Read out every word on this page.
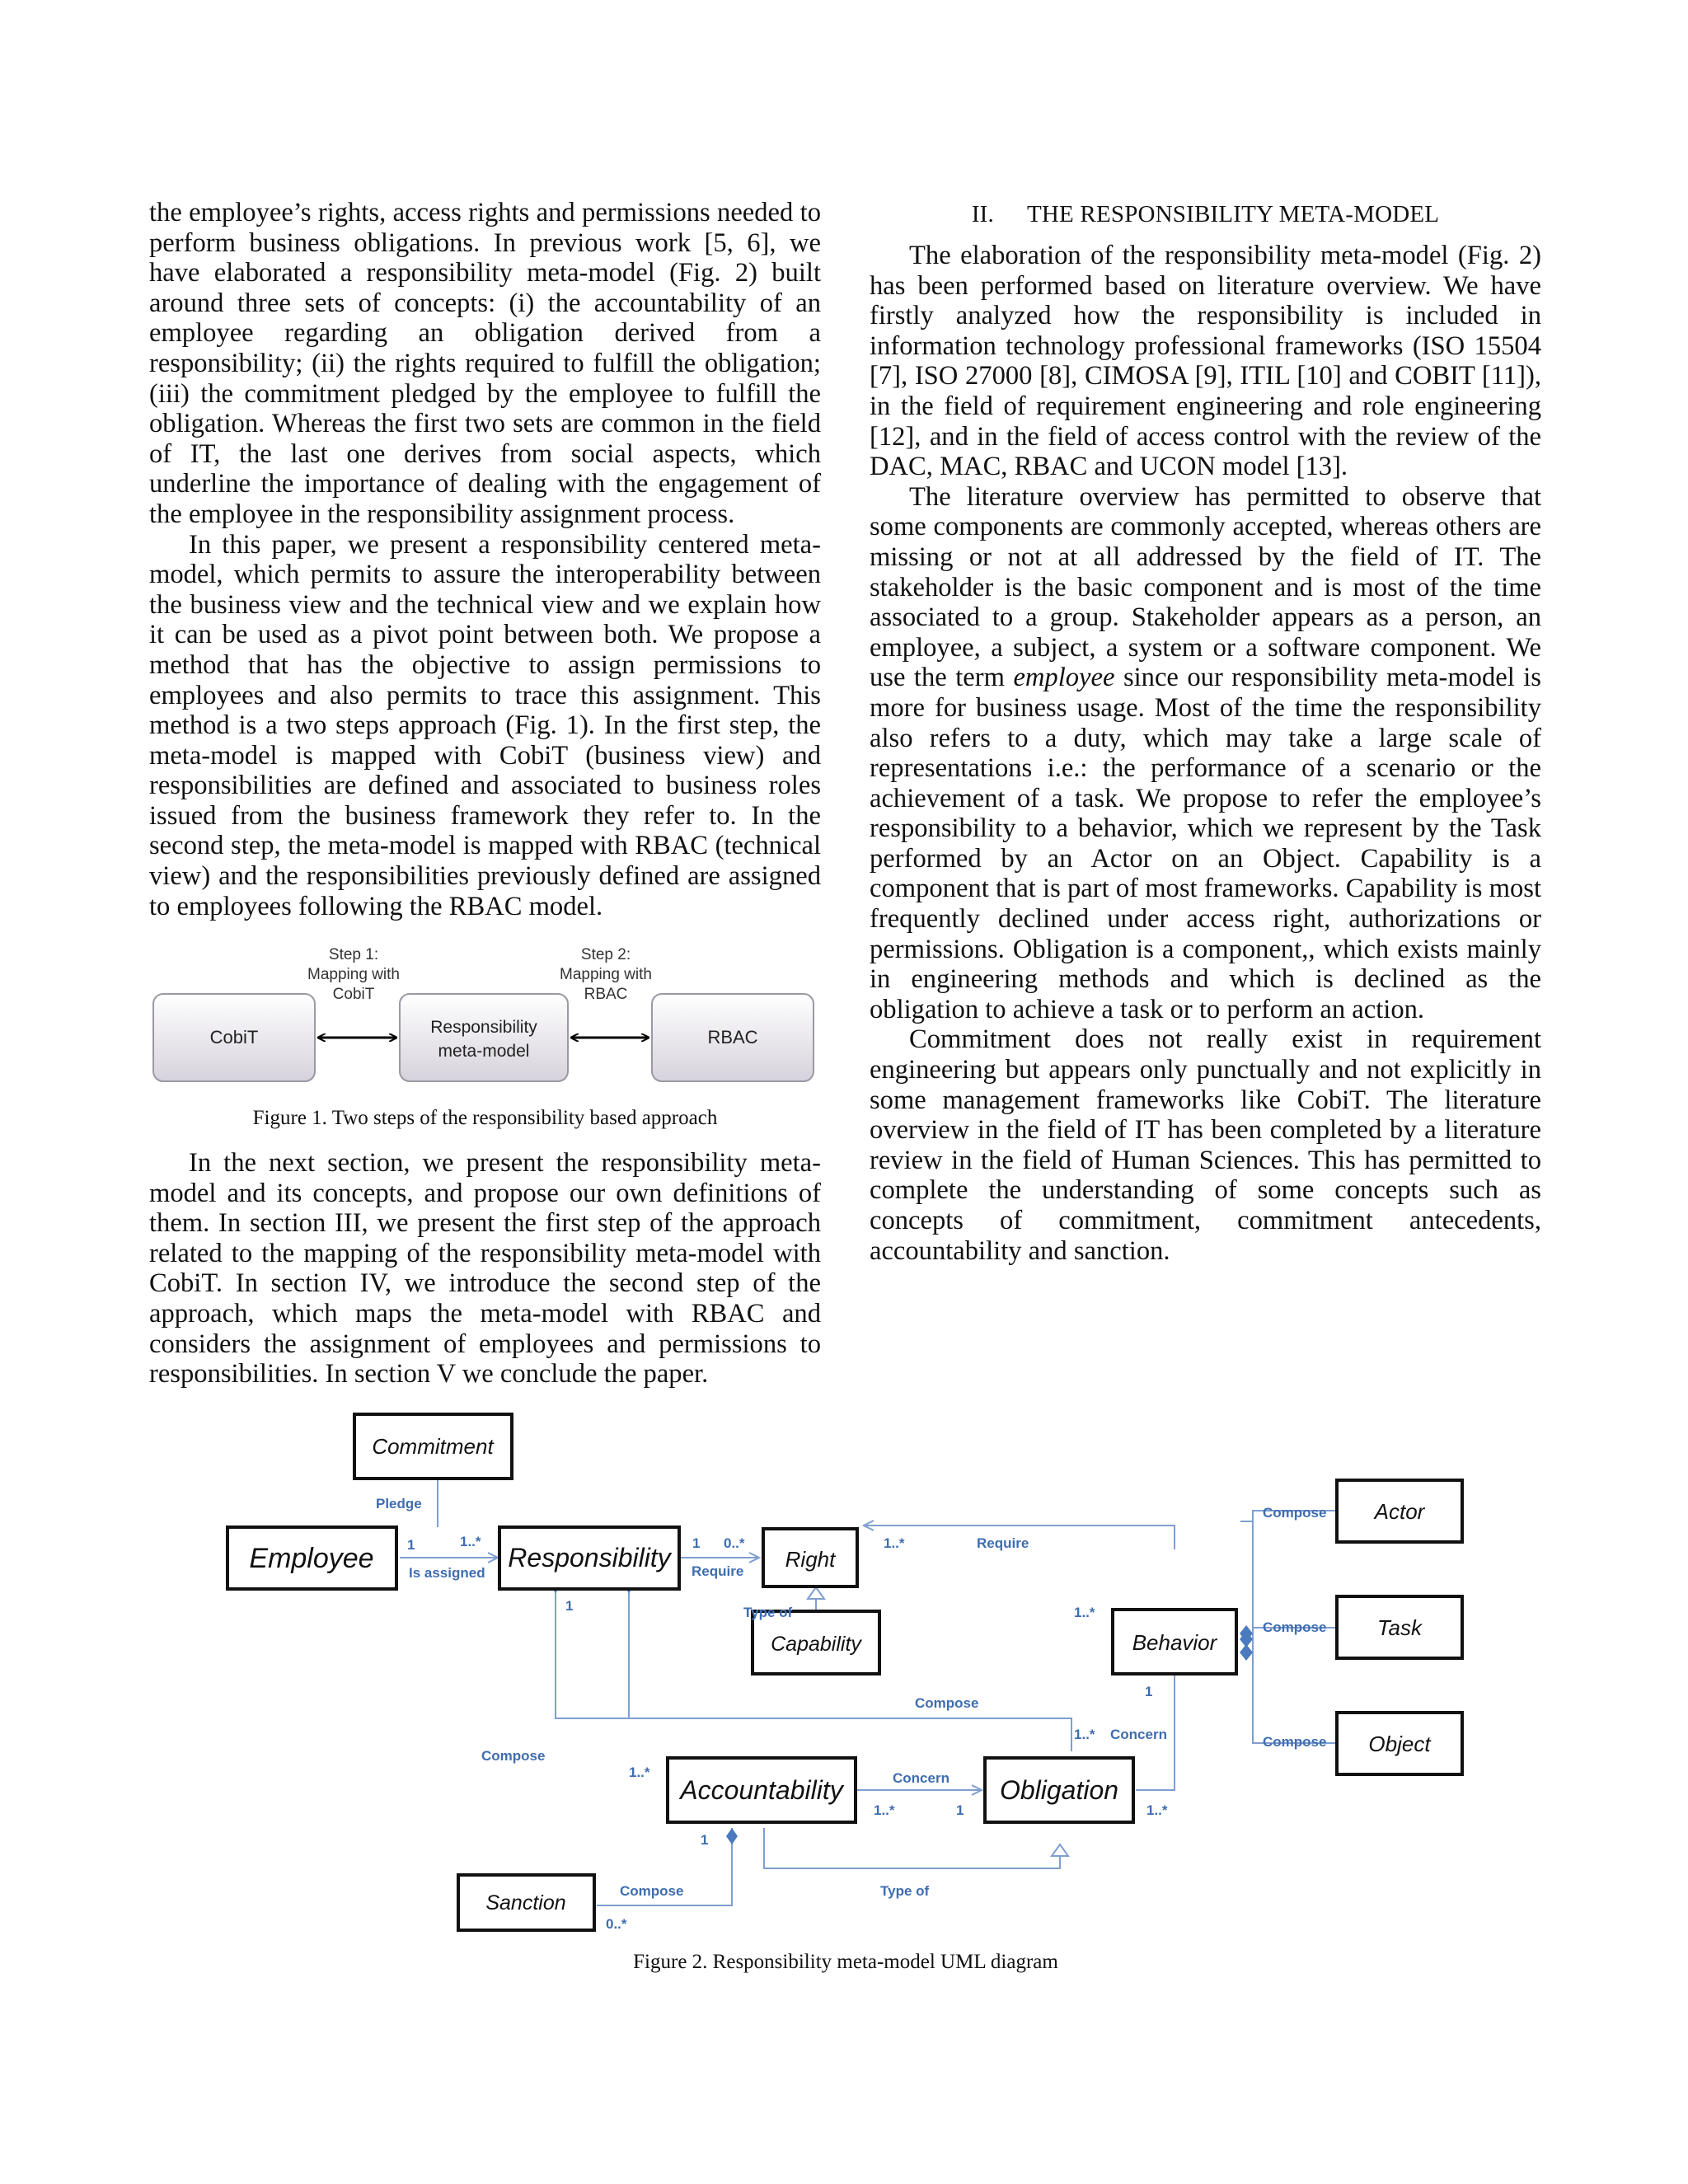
the employee’s rights, access rights and permissions needed to perform business obligations. In previous work [5, 6], we have elaborated a responsibility meta-model (Fig. 2) built around three sets of concepts: (i) the accountability of an employee regarding an obligation derived from a responsibility; (ii) the rights required to fulfill the obligation; (iii) the commitment pledged by the employee to fulfill the obligation. Whereas the first two sets are common in the field of IT, the last one derives from social aspects, which underline the importance of dealing with the engagement of the employee in the responsibility assignment process.

In this paper, we present a responsibility centered meta-model, which permits to assure the interoperability between the business view and the technical view and we explain how it can be used as a pivot point between both. We propose a method that has the objective to assign permissions to employees and also permits to trace this assignment. This method is a two steps approach (Fig. 1). In the first step, the meta-model is mapped with CobiT (business view) and responsibilities are defined and associated to business roles issued from the business framework they refer to. In the second step, the meta-model is mapped with RBAC (technical view) and the responsibilities previously defined are assigned to employees following the RBAC model.

Step 1:
Mapping with
CobiT
Step 2:
Mapping with
RBAC
CobiT	Responsibility
meta-model
RBAC
Figure 1. Two steps of the responsibility based approach

In the next section, we present the responsibility meta-model and its concepts, and propose our own definitions of them. In section III, we present the first step of the approach related to the mapping of the responsibility meta-model with CobiT. In section IV, we introduce the second step of the approach, which maps the meta-model with RBAC and considers the assignment of employees and permissions to responsibilities. In section V we conclude the paper.

II. THE RESPONSIBILITY META-MODEL

The elaboration of the responsibility meta-model (Fig. 2) has been performed based on literature overview. We have firstly analyzed how the responsibility is included in information technology professional frameworks (ISO 15504 [7], ISO 27000 [8], CIMOSA [9], ITIL [10] and COBIT [11]), in the field of requirement engineering and role engineering [12], and in the field of access control with the review of the DAC, MAC, RBAC and UCON model [13].

The literature overview has permitted to observe that some components are commonly accepted, whereas others are missing or not at all addressed by the field of IT. The stakeholder is the basic component and is most of the time associated to a group. Stakeholder appears as a person, an employee, a subject, a system or a software component. We use the term employee since our responsibility meta-model is more for business usage. Most of the time the responsibility also refers to a duty, which may take a large scale of representations i.e.: the performance of a scenario or the achievement of a task. We propose to refer the employee’s responsibility to a behavior, which we represent by the Task performed by an Actor on an Object. Capability is a component that is part of most frameworks. Capability is most frequently declined under access right, authorizations or permissions. Obligation is a component,, which exists mainly in engineering methods and which is declined as the obligation to achieve a task or to perform an action.

Commitment does not really exist in requirement engineering but appears only punctually and not explicitly in some management frameworks like CobiT. The literature overview in the field of IT has been completed by a literature review in the field of Human Sciences. This has permitted to complete the understanding of some concepts such as concepts of commitment, commitment antecedents, accountability and sanction.

Commitment
Employee	Responsibility	Right
Capability	Behavior
Actor
Task
Object
Accountability	Obligation
Sanction
Pledge
1	1..*
Is assigned
1 0..*
Require
1..*	Require
Type of	1..*
Compose
Compose
Compose
1
1
Compose
1..* Concern
Compose
1..*	Concern
1..*	1	1..*
1
Compose	Type of
0..*
Figure 2. Responsibility meta-model UML diagram
